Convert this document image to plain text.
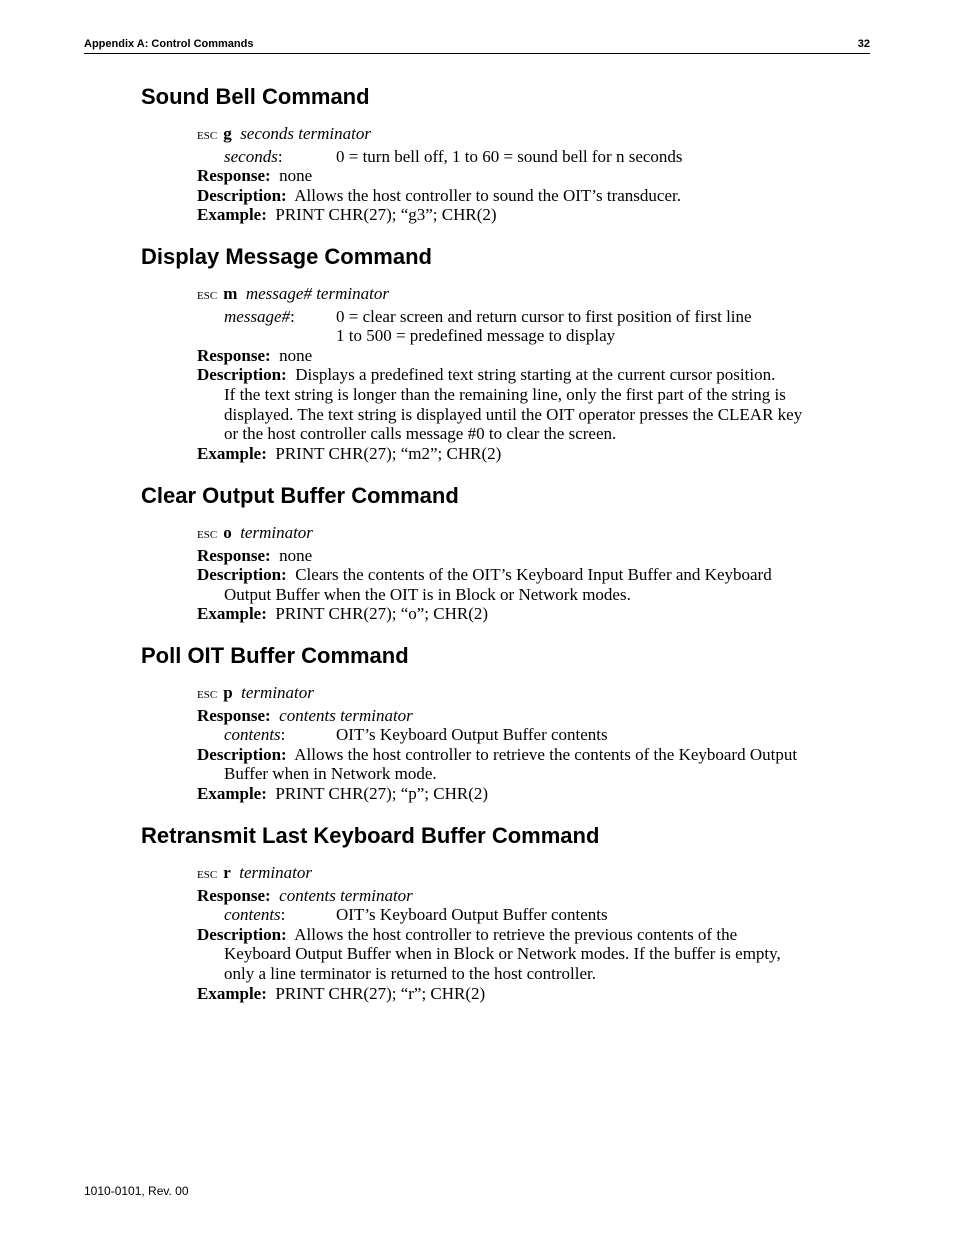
Appendix A: Control Commands	32
Sound Bell Command
ESC g seconds terminator
seconds:	0 = turn bell off, 1 to 60 = sound bell for n seconds
Response: none
Description: Allows the host controller to sound the OIT’s transducer.
Example: PRINT CHR(27); “g3”; CHR(2)
Display Message Command
ESC m message# terminator
message#:	0 = clear screen and return cursor to first position of first line
1 to 500 = predefined message to display
Response: none
Description: Displays a predefined text string starting at the current cursor position.
If the text string is longer than the remaining line, only the first part of the string is
displayed. The text string is displayed until the OIT operator presses the CLEAR key
or the host controller calls message #0 to clear the screen.
Example: PRINT CHR(27); “m2”; CHR(2)
Clear Output Buffer Command
ESC o terminator
Response: none
Description: Clears the contents of the OIT’s Keyboard Input Buffer and Keyboard
Output Buffer when the OIT is in Block or Network modes.
Example: PRINT CHR(27); “o”; CHR(2)
Poll OIT Buffer Command
ESC p terminator
Response: contents terminator
contents:	OIT’s Keyboard Output Buffer contents
Description: Allows the host controller to retrieve the contents of the Keyboard Output
Buffer when in Network mode.
Example: PRINT CHR(27); “p”; CHR(2)
Retransmit Last Keyboard Buffer Command
ESC r terminator
Response: contents terminator
contents:	OIT’s Keyboard Output Buffer contents
Description: Allows the host controller to retrieve the previous contents of the
Keyboard Output Buffer when in Block or Network modes. If the buffer is empty,
only a line terminator is returned to the host controller.
Example: PRINT CHR(27); “r”; CHR(2)
1010-0101, Rev. 00
